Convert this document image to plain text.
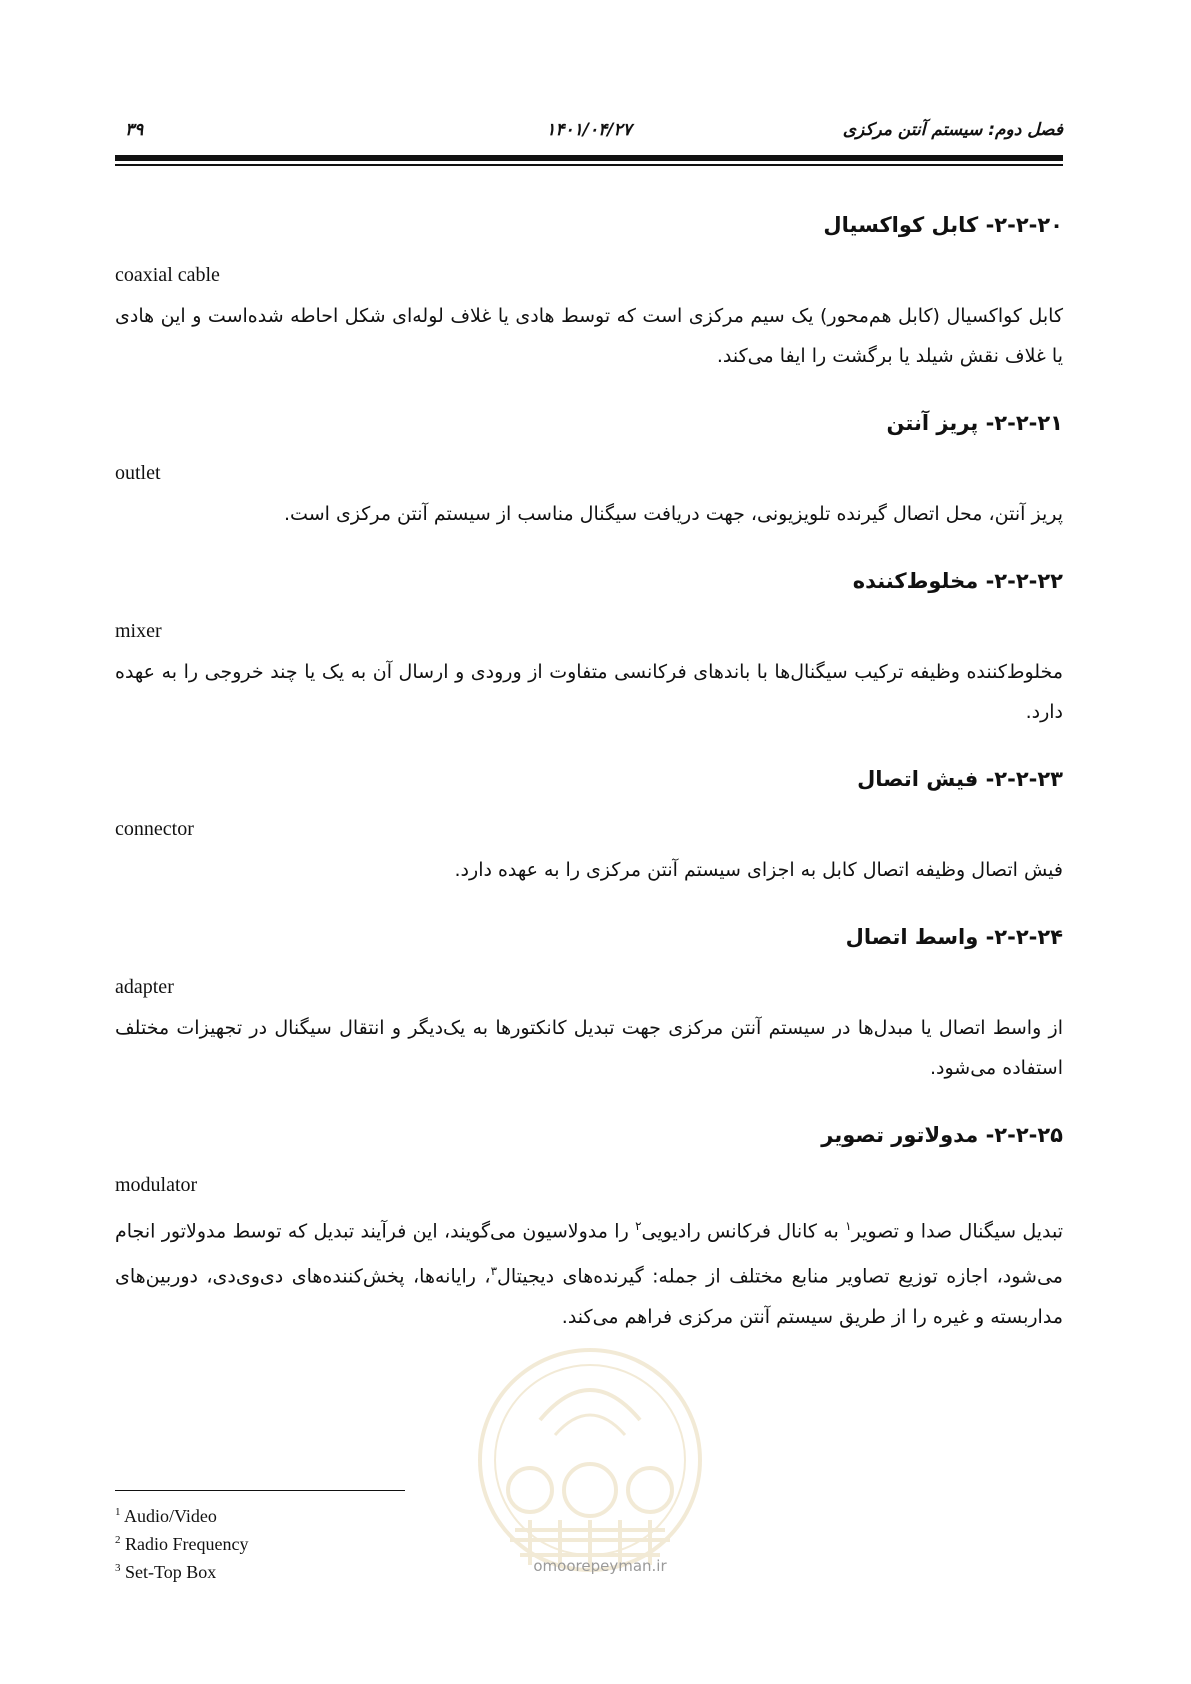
فصل دوم: سیستم آنتن مرکزی
۱۴۰۱/۰۴/۲۷
۳۹
۲-۲-۲۰- کابل کواکسیال
coaxial cable

کابل کواکسیال (کابل هم‌محور) یک سیم مرکزی است که توسط هادی یا غلاف لوله‌ای شکل احاطه شده‌است و این هادی یا غلاف نقش شیلد یا برگشت را ایفا می‌کند.

۲-۲-۲۱- پریز آنتن
outlet

پریز آنتن، محل اتصال گیرنده تلویزیونی، جهت دریافت سیگنال مناسب از سیستم آنتن مرکزی است.

۲-۲-۲۲- مخلوط‌کننده
mixer

مخلوط‌کننده وظیفه ترکیب سیگنال‌ها با باندهای فرکانسی متفاوت از ورودی و ارسال آن به یک یا چند خروجی را به عهده دارد.

۲-۲-۲۳- فیش اتصال
connector

فیش اتصال وظیفه اتصال کابل به اجزای سیستم آنتن مرکزی را به عهده دارد.

۲-۲-۲۴- واسط اتصال
adapter

از واسط اتصال یا مبدل‌ها در سیستم آنتن مرکزی جهت تبدیل کانکتورها به یک‌دیگر و انتقال سیگنال در تجهیزات مختلف استفاده می‌شود.

۲-۲-۲۵- مدولاتور تصویر
modulator

تبدیل سیگنال صدا و تصویر$^۱$ به کانال فرکانس رادیویی$^۲$ را مدولاسیون می‌گویند، این فرآیند تبدیل که توسط مدولاتور انجام می‌شود، اجازه توزیع تصاویر منابع مختلف از جمله: گیرنده‌های دیجیتال$^۳$، رایانه‌ها، پخش‌کننده‌های دی‌وی‌دی، دوربین‌های مداربسته و غیره را از طریق سیستم آنتن مرکزی فراهم می‌کند.

omoorepeyman.ir
$^1$ Audio/Video
$^2$ Radio Frequency
$^3$ Set-Top Box
